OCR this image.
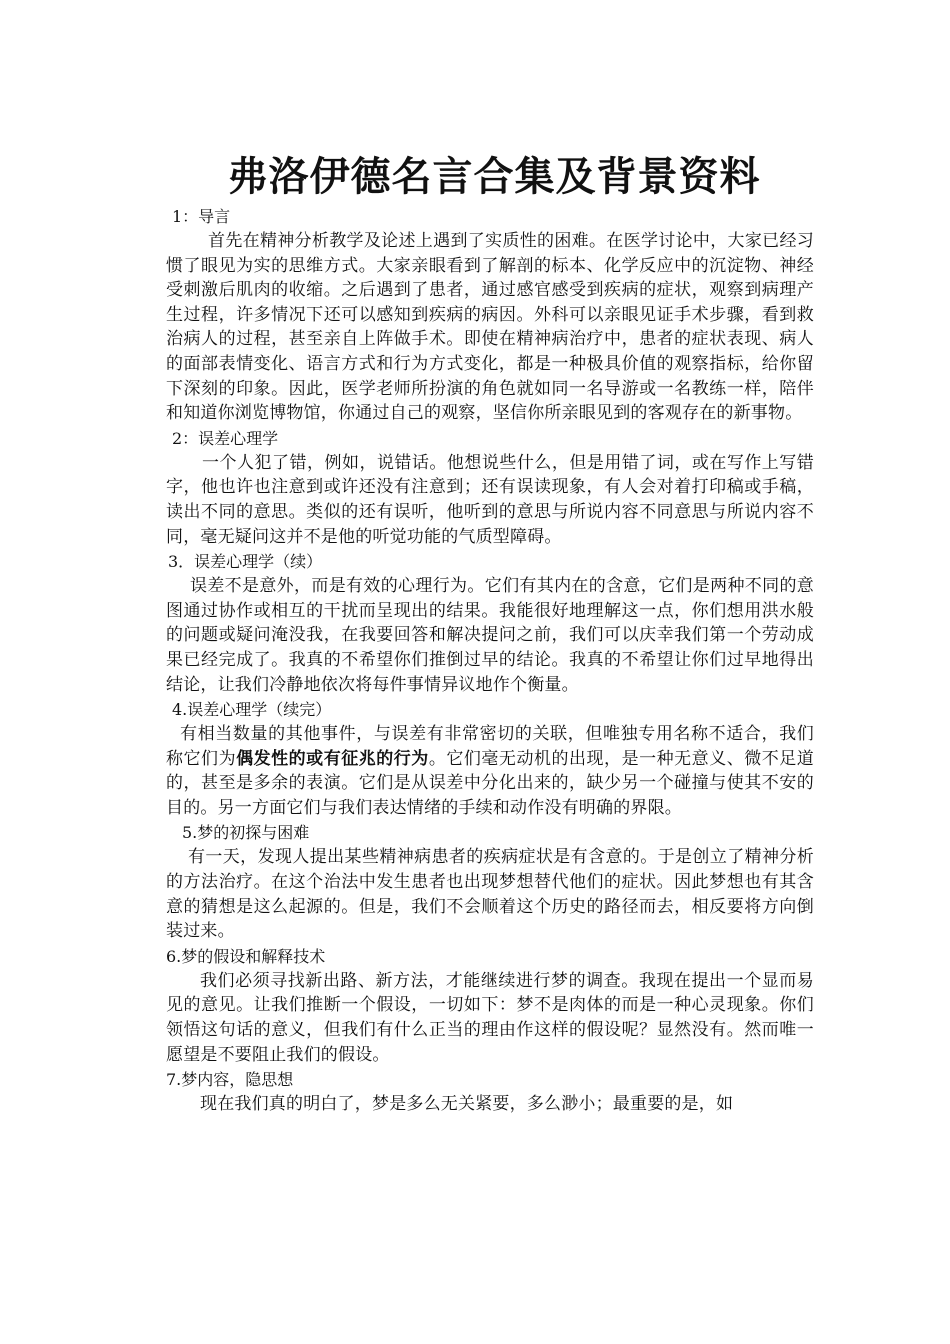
弗洛伊德名言合集及背景资料
1：导言

首先在精神分析教学及论述上遇到了实质性的困难。在医学讨论中，大家已经习惯了眼见为实的思维方式。大家亲眼看到了解剖的标本、化学反应中的沉淀物、神经受刺激后肌肉的收缩。之后遇到了患者，通过感官感受到疾病的症状，观察到病理产生过程，许多情况下还可以感知到疾病的病因。外科可以亲眼见证手术步骤，看到救治病人的过程，甚至亲自上阵做手术。即使在精神病治疗中，患者的症状表现、病人的面部表情变化、语言方式和行为方式变化，都是一种极具价值的观察指标，给你留下深刻的印象。因此，医学老师所扮演的角色就如同一名导游或一名教练一样，陪伴和知道你浏览博物馆，你通过自己的观察，坚信你所亲眼见到的客观存在的新事物。

2：误差心理学

一个人犯了错，例如，说错话。他想说些什么，但是用错了词，或在写作上写错字，他也许也注意到或许还没有注意到；还有误读现象，有人会对着打印稿或手稿，读出不同的意思。类似的还有误听，他听到的意思与所说内容不同意思与所说内容不同，毫无疑问这并不是他的听觉功能的气质型障碍。

3．误差心理学（续）

误差不是意外，而是有效的心理行为。它们有其内在的含意，它们是两种不同的意图通过协作或相互的干扰而呈现出的结果。我能很好地理解这一点，你们想用洪水般的问题或疑问淹没我，在我要回答和解决提问之前，我们可以庆幸我们第一个劳动成果已经完成了。我真的不希望你们推倒过早的结论。我真的不希望让你们过早地得出结论，让我们冷静地依次将每件事情异议地作个衡量。

4.误差心理学（续完）

有相当数量的其他事件，与误差有非常密切的关联，但唯独专用名称不适合，我们称它们为偶发性的或有征兆的行为。它们毫无动机的出现，是一种无意义、微不足道的，甚至是多余的表演。它们是从误差中分化出来的，缺少另一个碰撞与使其不安的目的。另一方面它们与我们表达情绪的手续和动作没有明确的界限。

5.梦的初探与困难

有一天，发现人提出某些精神病患者的疾病症状是有含意的。于是创立了精神分析的方法治疗。在这个治法中发生患者也出现梦想替代他们的症状。因此梦想也有其含意的猜想是这么起源的。但是，我们不会顺着这个历史的路径而去，相反要将方向倒装过来。

6.梦的假设和解释技术

我们必须寻找新出路、新方法，才能继续进行梦的调查。我现在提出一个显而易见的意见。让我们推断一个假设，一切如下：梦不是肉体的而是一种心灵现象。你们领悟这句话的意义，但我们有什么正当的理由作这样的假设呢？显然没有。然而唯一愿望是不要阻止我们的假设。

7.梦内容，隐思想

现在我们真的明白了，梦是多么无关紧要，多么渺小；最重要的是，如
